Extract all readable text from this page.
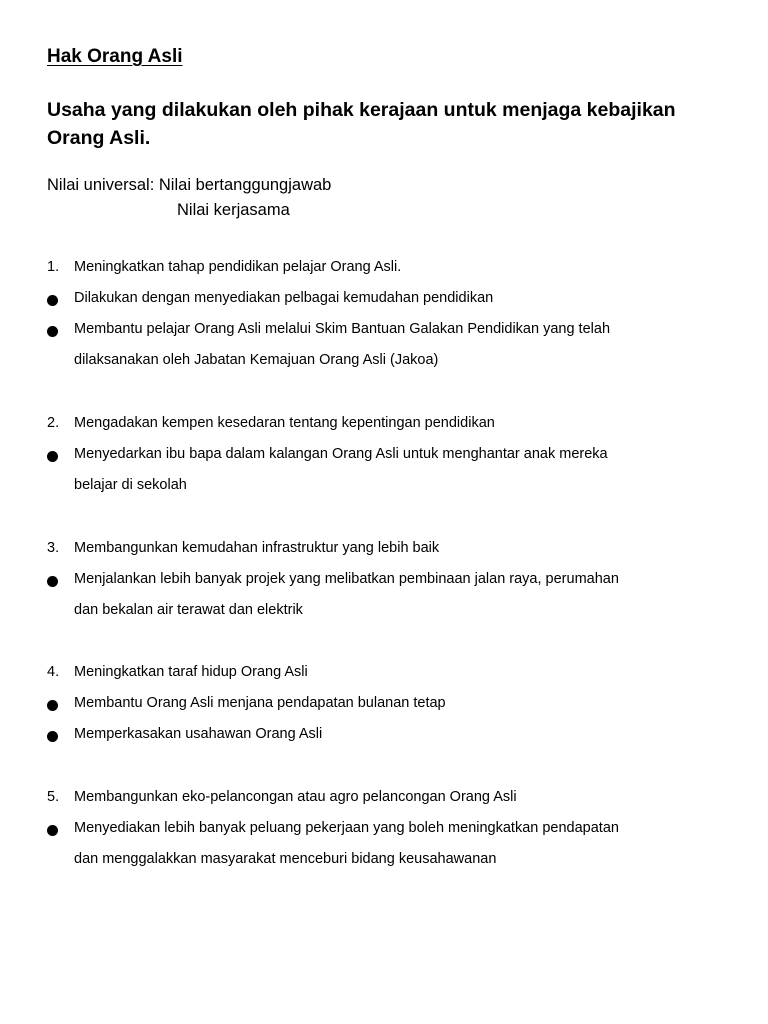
Hak Orang Asli
Usaha yang dilakukan oleh pihak kerajaan untuk menjaga kebajikan Orang Asli.
Nilai universal: Nilai bertanggungjawab
Nilai kerjasama
1. Meningkatkan tahap pendidikan pelajar Orang Asli.
Dilakukan dengan menyediakan pelbagai kemudahan pendidikan
Membantu pelajar Orang Asli melalui Skim Bantuan Galakan Pendidikan yang telah
dilaksanakan oleh Jabatan Kemajuan Orang Asli (Jakoa)
2. Mengadakan kempen kesedaran tentang kepentingan pendidikan
Menyedarkan ibu bapa dalam kalangan Orang Asli untuk menghantar anak mereka
belajar di sekolah
3. Membangunkan kemudahan infrastruktur yang lebih baik
Menjalankan lebih banyak projek yang melibatkan pembinaan jalan raya, perumahan
dan bekalan air terawat dan elektrik
4. Meningkatkan taraf hidup Orang Asli
Membantu Orang Asli menjana pendapatan bulanan tetap
Memperkasakan usahawan Orang Asli
5. Membangunkan eko-pelancongan atau agro pelancongan Orang Asli
Menyediakan lebih banyak peluang pekerjaan yang boleh meningkatkan pendapatan
dan menggalakkan masyarakat menceburi bidang keusahawanan
